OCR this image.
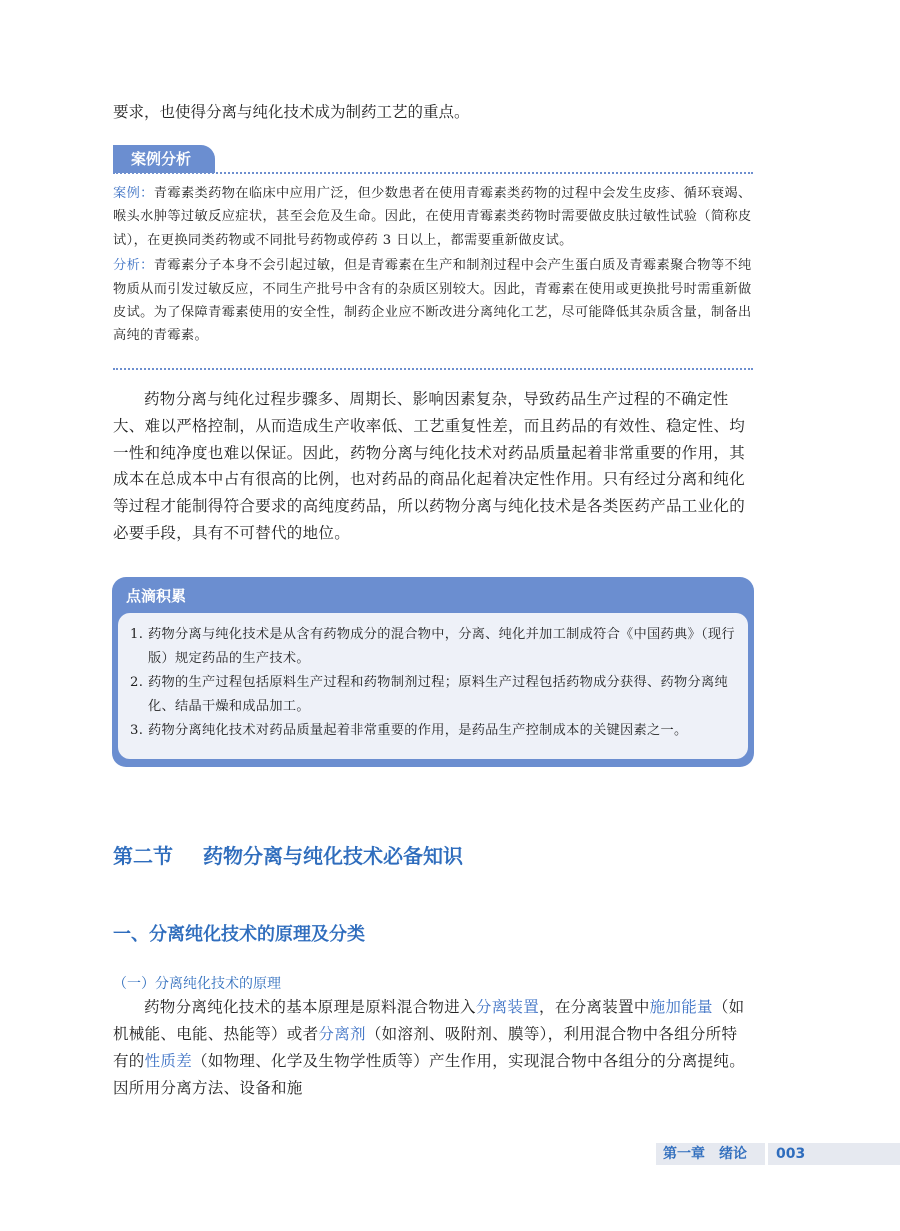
要求，也使得分离与纯化技术成为制药工艺的重点。
案例分析

案例：青霉素类药物在临床中应用广泛，但少数患者在使用青霉素类药物的过程中会发生皮疹、循环衰竭、喉头水肿等过敏反应症状，甚至会危及生命。因此，在使用青霉素类药物时需要做皮肤过敏性试验（简称皮试），在更换同类药物或不同批号药物或停药 3 日以上，都需要重新做皮试。

分析：青霉素分子本身不会引起过敏，但是青霉素在生产和制剂过程中会产生蛋白质及青霉素聚合物等不纯物质从而引发过敏反应，不同生产批号中含有的杂质区别较大。因此，青霉素在使用或更换批号时需重新做皮试。为了保障青霉素使用的安全性，制药企业应不断改进分离纯化工艺，尽可能降低其杂质含量，制备出高纯的青霉素。

药物分离与纯化过程步骤多、周期长、影响因素复杂，导致药品生产过程的不确定性大、难以严格控制，从而造成生产收率低、工艺重复性差，而且药品的有效性、稳定性、均一性和纯净度也难以保证。因此，药物分离与纯化技术对药品质量起着非常重要的作用，其成本在总成本中占有很高的比例，也对药品的商品化起着决定性作用。只有经过分离和纯化等过程才能制得符合要求的高纯度药品，所以药物分离与纯化技术是各类医药产品工业化的必要手段，具有不可替代的地位。

点滴积累
1. 药物分离与纯化技术是从含有药物成分的混合物中，分离、纯化并加工制成符合《中国药典》（现行版）规定药品的生产技术。
2. 药物的生产过程包括原料生产过程和药物制剂过程；原料生产过程包括药物成分获得、药物分离纯化、结晶干燥和成品加工。
3. 药物分离纯化技术对药品质量起着非常重要的作用，是药品生产控制成本的关键因素之一。
第二节 药物分离与纯化技术必备知识
一、分离纯化技术的原理及分类
（一）分离纯化技术的原理

药物分离纯化技术的基本原理是原料混合物进入分离装置，在分离装置中施加能量（如机械能、电能、热能等）或者分离剂（如溶剂、吸附剂、膜等），利用混合物中各组分所特有的性质差（如物理、化学及生物学性质等）产生作用，实现混合物中各组分的分离提纯。因所用分离方法、设备和施

第一章　绪论 003
